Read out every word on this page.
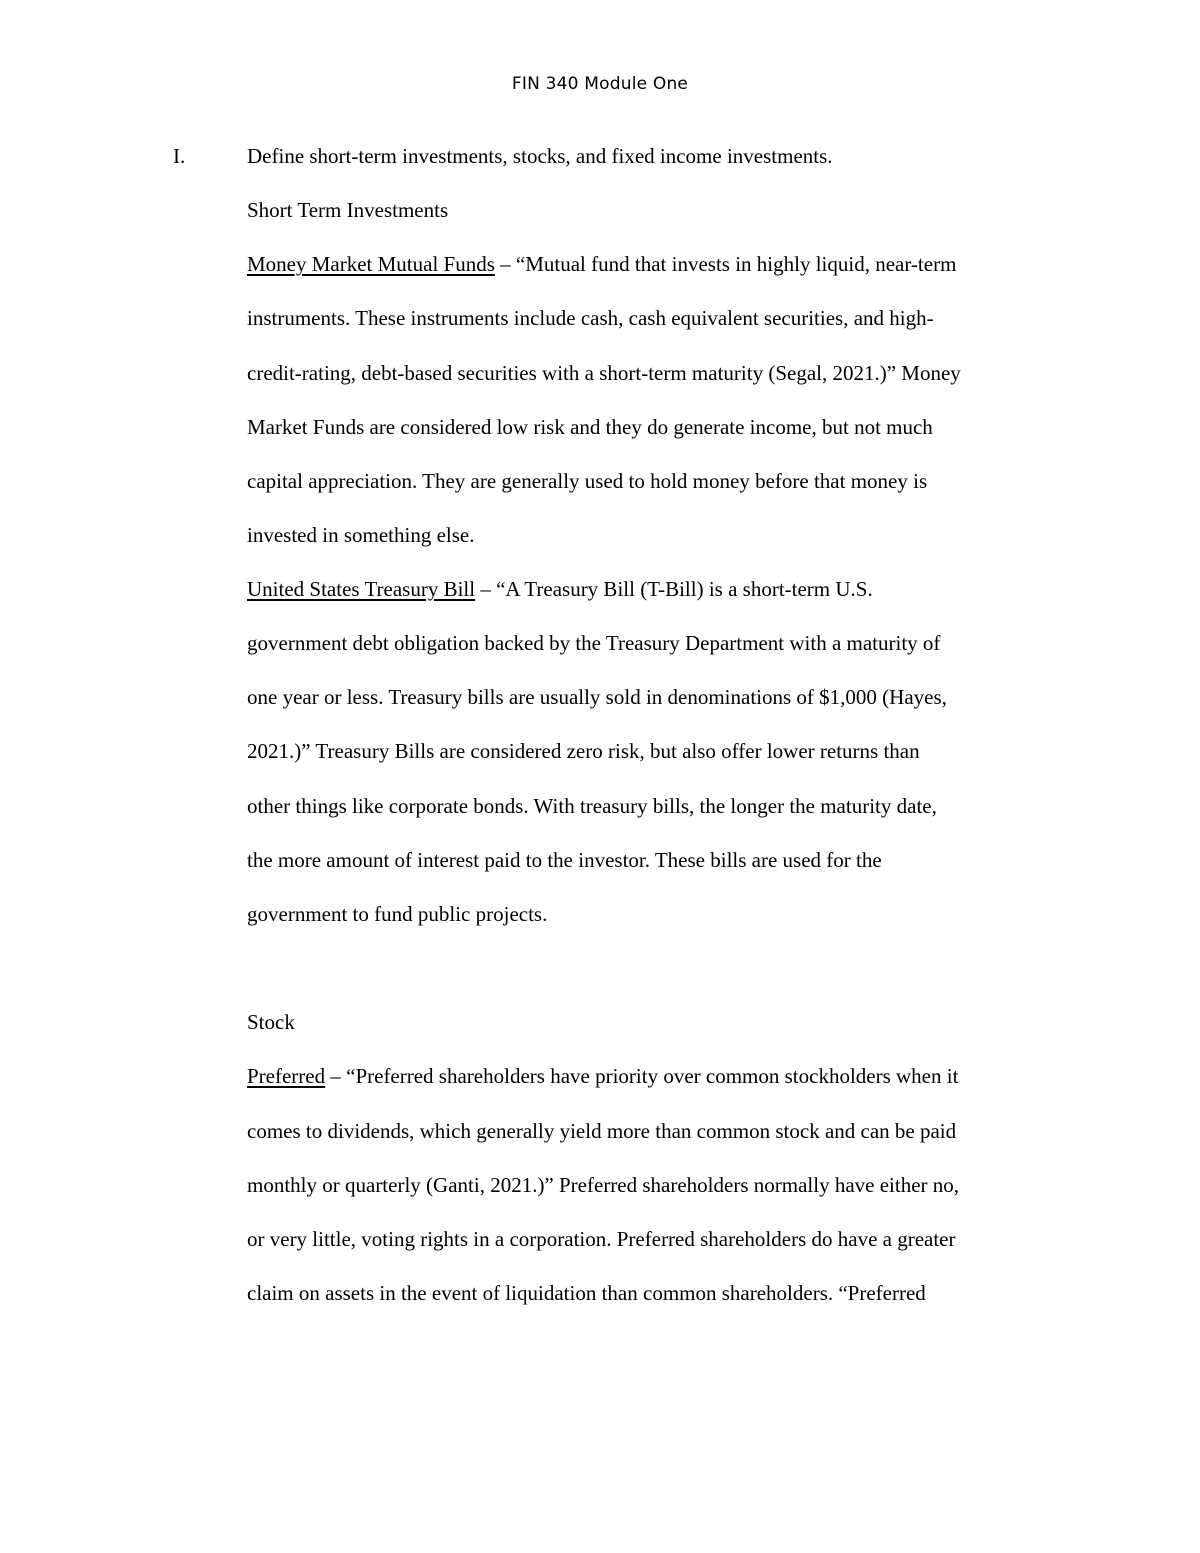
FIN 340 Module One
I.	Define short-term investments, stocks, and fixed income investments.
Short Term Investments
Money Market Mutual Funds – “Mutual fund that invests in highly liquid, near-term
instruments. These instruments include cash, cash equivalent securities, and high-
credit-rating, debt-based securities with a short-term maturity (Segal, 2021.)” Money
Market Funds are considered low risk and they do generate income, but not much
capital appreciation. They are generally used to hold money before that money is
invested in something else.
United States Treasury Bill – “A Treasury Bill (T-Bill) is a short-term U.S.
government debt obligation backed by the Treasury Department with a maturity of
one year or less. Treasury bills are usually sold in denominations of $1,000 (Hayes,
2021.)” Treasury Bills are considered zero risk, but also offer lower returns than
other things like corporate bonds. With treasury bills, the longer the maturity date,
the more amount of interest paid to the investor. These bills are used for the
government to fund public projects.
Stock
Preferred – “Preferred shareholders have priority over common stockholders when it
comes to dividends, which generally yield more than common stock and can be paid
monthly or quarterly (Ganti, 2021.)” Preferred shareholders normally have either no,
or very little, voting rights in a corporation. Preferred shareholders do have a greater
claim on assets in the event of liquidation than common shareholders. “Preferred
